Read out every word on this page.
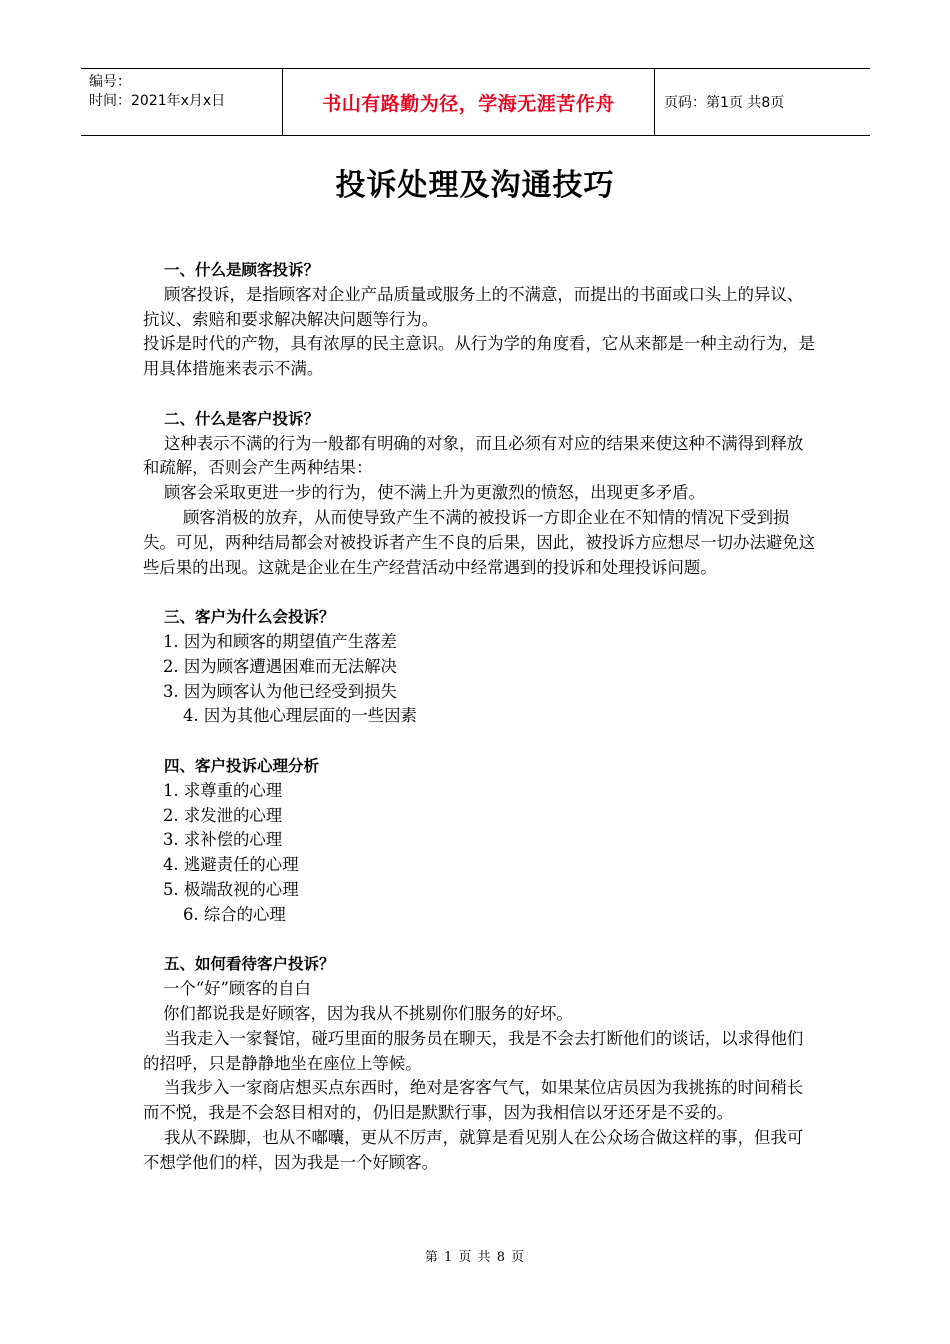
编号：
时间：2021年x月x日	书山有路勤为径，学海无涯苦作舟	页码：第1页 共8页
投诉处理及沟通技巧

一、什么是顾客投诉？

顾客投诉，是指顾客对企业产品质量或服务上的不满意，而提出的书面或口头上的异议、抗议、索赔和要求解决解决问题等行为。

投诉是时代的产物，具有浓厚的民主意识。从行为学的角度看，它从来都是一种主动行为，是用具体措施来表示不满。

二、什么是客户投诉？

这种表示不满的行为一般都有明确的对象，而且必须有对应的结果来使这种不满得到释放和疏解，否则会产生两种结果：

顾客会采取更进一步的行为，使不满上升为更激烈的愤怒，出现更多矛盾。

顾客消极的放弃，从而使导致产生不满的被投诉一方即企业在不知情的情况下受到损失。可见，两种结局都会对被投诉者产生不良的后果，因此，被投诉方应想尽一切办法避免这些后果的出现。这就是企业在生产经营活动中经常遇到的投诉和处理投诉问题。

三、客户为什么会投诉？

1. 因为和顾客的期望值产生落差

2. 因为顾客遭遇困难而无法解决

3. 因为顾客认为他已经受到损失

4. 因为其他心理层面的一些因素

四、客户投诉心理分析

1. 求尊重的心理

2. 求发泄的心理

3. 求补偿的心理

4. 逃避责任的心理

5. 极端敌视的心理

6. 综合的心理

五、如何看待客户投诉？

一个“好”顾客的自白

你们都说我是好顾客，因为我从不挑剔你们服务的好坏。

当我走入一家餐馆，碰巧里面的服务员在聊天，我是不会去打断他们的谈话，以求得他们的招呼，只是静静地坐在座位上等候。

当我步入一家商店想买点东西时，绝对是客客气气，如果某位店员因为我挑拣的时间稍长而不悦，我是不会怒目相对的，仍旧是默默行事，因为我相信以牙还牙是不妥的。

我从不跺脚，也从不嘟囔，更从不厉声，就算是看见别人在公众场合做这样的事，但我可不想学他们的样，因为我是一个好顾客。

第 1 页 共 8 页
